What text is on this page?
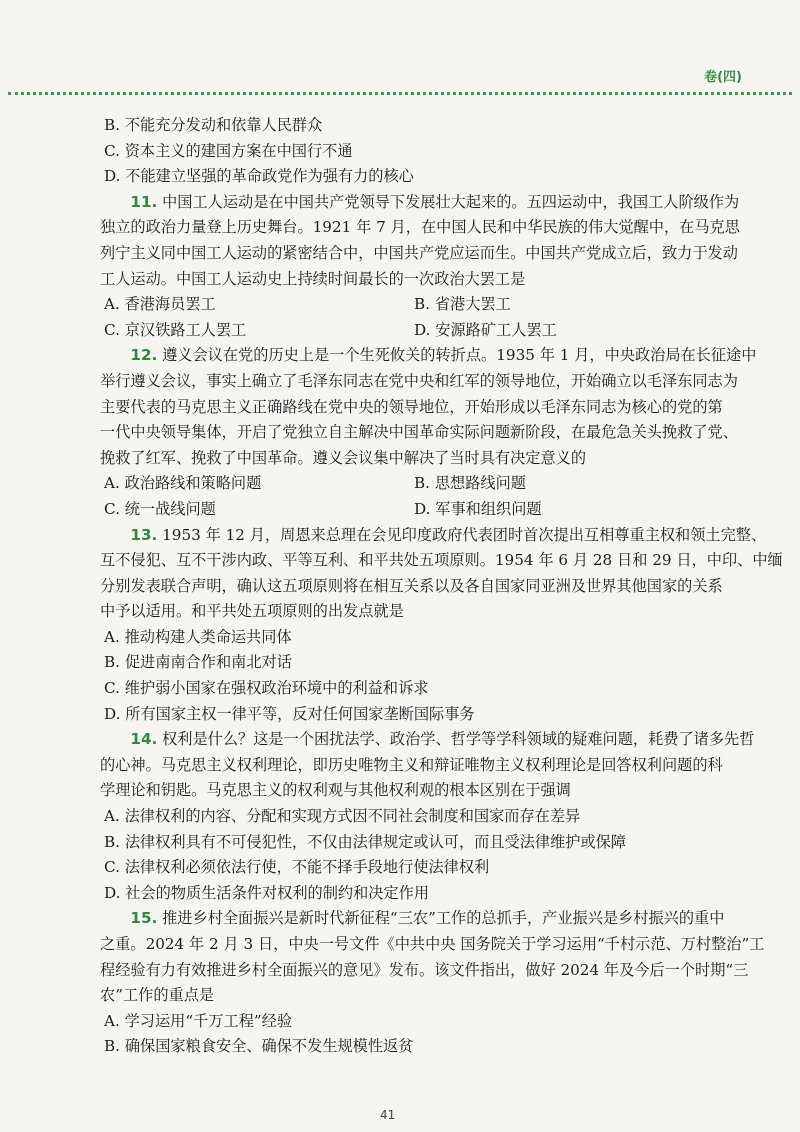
卷(四)
B. 不能充分发动和依靠人民群众
C. 资本主义的建国方案在中国行不通
D. 不能建立坚强的革命政党作为强有力的核心
11. 中国工人运动是在中国共产党领导下发展壮大起来的。五四运动中，我国工人阶级作为
独立的政治力量登上历史舞台。1921 年 7 月，在中国人民和中华民族的伟大觉醒中，在马克思
列宁主义同中国工人运动的紧密结合中，中国共产党应运而生。中国共产党成立后，致力于发动
工人运动。中国工人运动史上持续时间最长的一次政治大罢工是
A. 香港海员罢工	B. 省港大罢工
C. 京汉铁路工人罢工	D. 安源路矿工人罢工
12. 遵义会议在党的历史上是一个生死攸关的转折点。1935 年 1 月，中央政治局在长征途中
举行遵义会议，事实上确立了毛泽东同志在党中央和红军的领导地位，开始确立以毛泽东同志为
主要代表的马克思主义正确路线在党中央的领导地位，开始形成以毛泽东同志为核心的党的第
一代中央领导集体，开启了党独立自主解决中国革命实际问题新阶段，在最危急关头挽救了党、
挽救了红军、挽救了中国革命。遵义会议集中解决了当时具有决定意义的
A. 政治路线和策略问题	B. 思想路线问题
C. 统一战线问题	D. 军事和组织问题
13. 1953 年 12 月，周恩来总理在会见印度政府代表团时首次提出互相尊重主权和领土完整、
互不侵犯、互不干涉内政、平等互利、和平共处五项原则。1954 年 6 月 28 日和 29 日，中印、中缅
分别发表联合声明，确认这五项原则将在相互关系以及各自国家同亚洲及世界其他国家的关系
中予以适用。和平共处五项原则的出发点就是
A. 推动构建人类命运共同体
B. 促进南南合作和南北对话
C. 维护弱小国家在强权政治环境中的利益和诉求
D. 所有国家主权一律平等，反对任何国家垄断国际事务
14. 权利是什么？这是一个困扰法学、政治学、哲学等学科领域的疑难问题，耗费了诸多先哲
的心神。马克思主义权利理论，即历史唯物主义和辩证唯物主义权利理论是回答权利问题的科
学理论和钥匙。马克思主义的权利观与其他权利观的根本区别在于强调
A. 法律权利的内容、分配和实现方式因不同社会制度和国家而存在差异
B. 法律权利具有不可侵犯性，不仅由法律规定或认可，而且受法律维护或保障
C. 法律权利必须依法行使，不能不择手段地行使法律权利
D. 社会的物质生活条件对权利的制约和决定作用
15. 推进乡村全面振兴是新时代新征程“三农”工作的总抓手，产业振兴是乡村振兴的重中
之重。2024 年 2 月 3 日，中央一号文件《中共中央 国务院关于学习运用“千村示范、万村整治”工
程经验有力有效推进乡村全面振兴的意见》发布。该文件指出，做好 2024 年及今后一个时期“三
农”工作的重点是
A. 学习运用“千万工程”经验
B. 确保国家粮食安全、确保不发生规模性返贫
41
